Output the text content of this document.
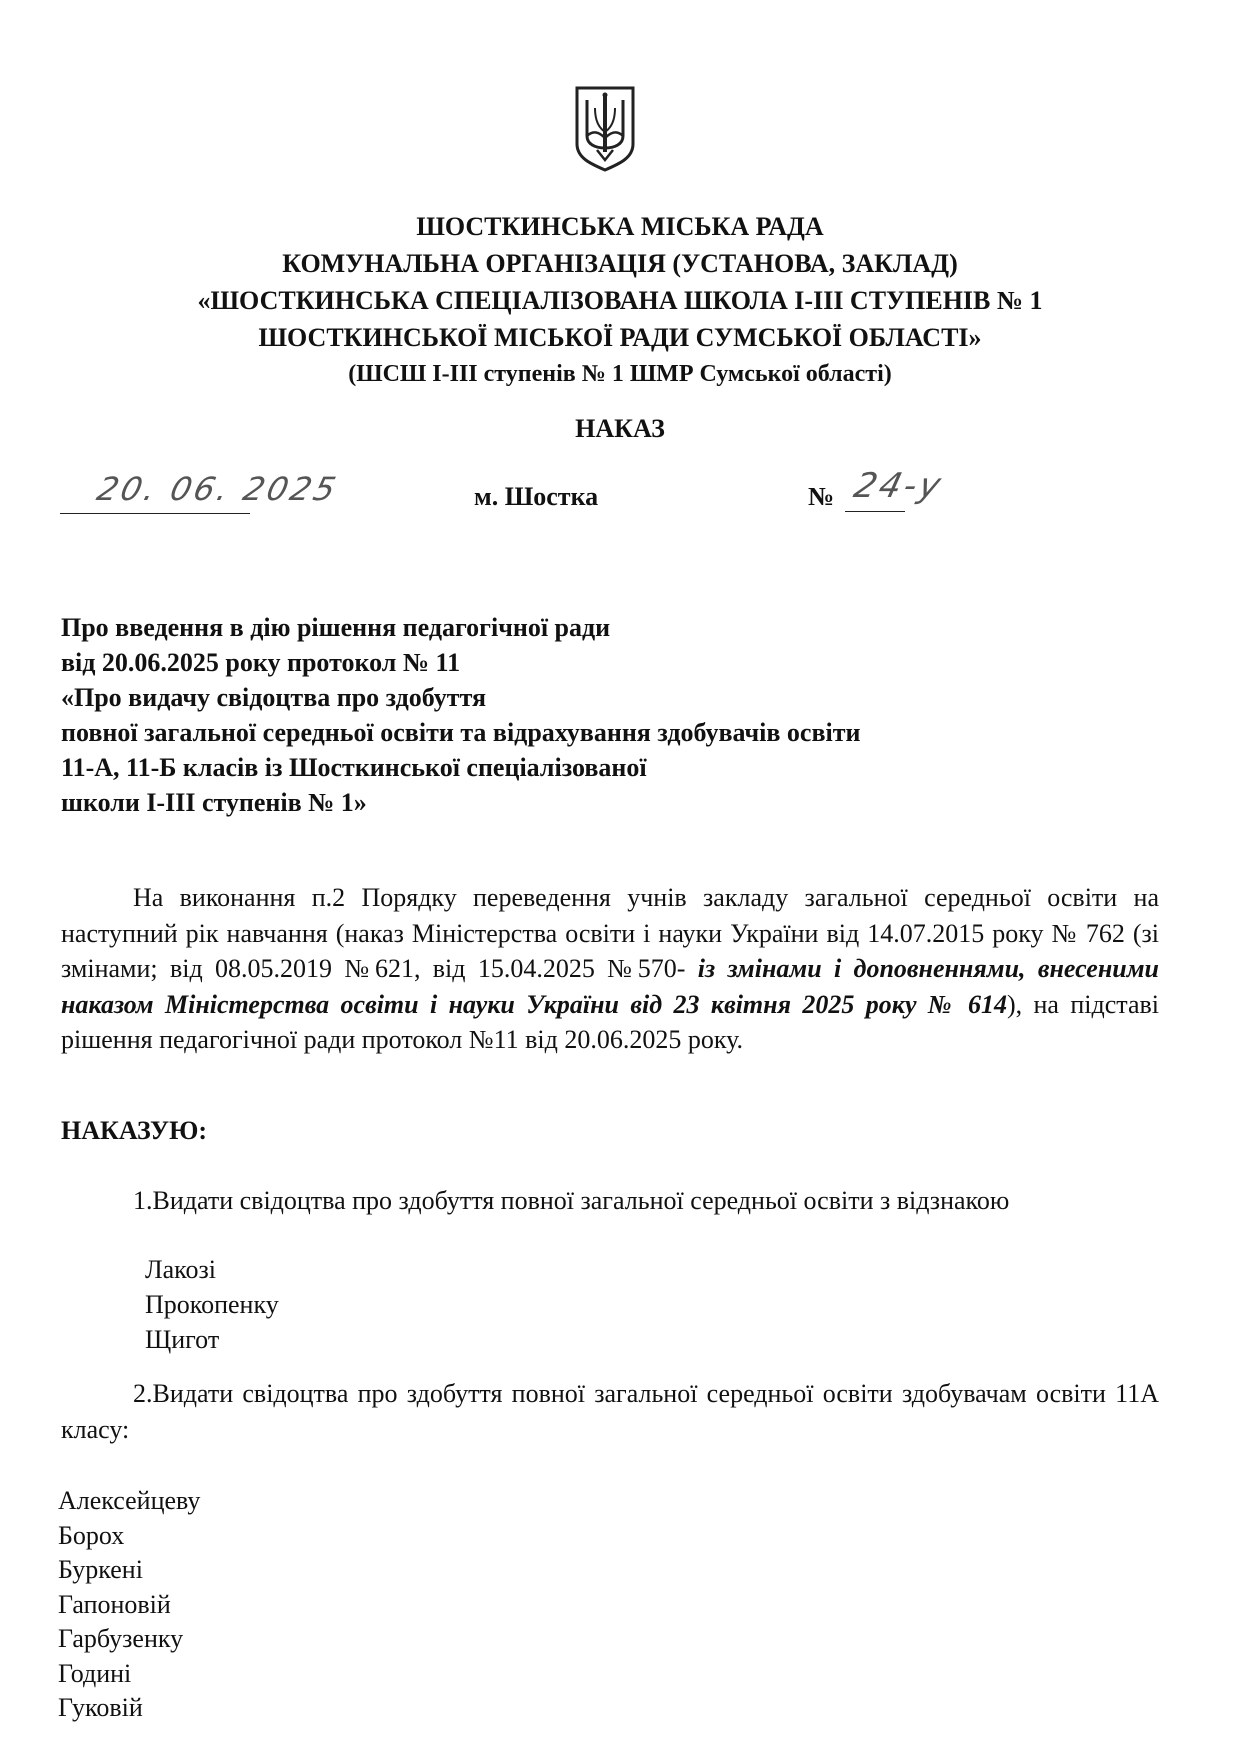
ШОСТКИНСЬКА МІСЬКА РАДА
КОМУНАЛЬНА ОРГАНІЗАЦІЯ (УСТАНОВА, ЗАКЛАД)
«ШОСТКИНСЬКА СПЕЦІАЛІЗОВАНА ШКОЛА І-ІІІ СТУПЕНІВ № 1
ШОСТКИНСЬКОЇ МІСЬКОЇ РАДИ СУМСЬКОЇ ОБЛАСТІ»
(ШСШ І-ІІІ ступенів № 1 ШМР Сумської області)
НАКАЗ
20. 06. 2025	м. Шостка	№ 24-у
Про введення в дію рішення педагогічної ради
від 20.06.2025 року протокол № 11
«Про видачу свідоцтва про здобуття
повної загальної середньої освіти та відрахування здобувачів освіти
11-А, 11-Б класів із Шосткинської спеціалізованої
школи І-ІІІ ступенів № 1»

На виконання п.2 Порядку переведення учнів закладу загальної середньої освіти на наступний рік навчання (наказ Міністерства освіти і науки України від 14.07.2015 року № 762 (зі змінами; від 08.05.2019 №621, від 15.04.2025 №570- із змінами і доповненнями, внесеними наказом Міністерства освіти і науки України від 23 квітня 2025 року № 614), на підставі рішення педагогічної ради протокол №11 від 20.06.2025 року.

НАКАЗУЮ:
1.Видати свідоцтва про здобуття повної загальної середньої освіти з відзнакою
Лакозі
Прокопенку
Щигот

2.Видати свідоцтва про здобуття повної загальної середньої освіти здобувачам освіти 11А класу:

Алексейцеву
Борох
Буркені
Гапоновій
Гарбузенку
Годині
Гуковій
